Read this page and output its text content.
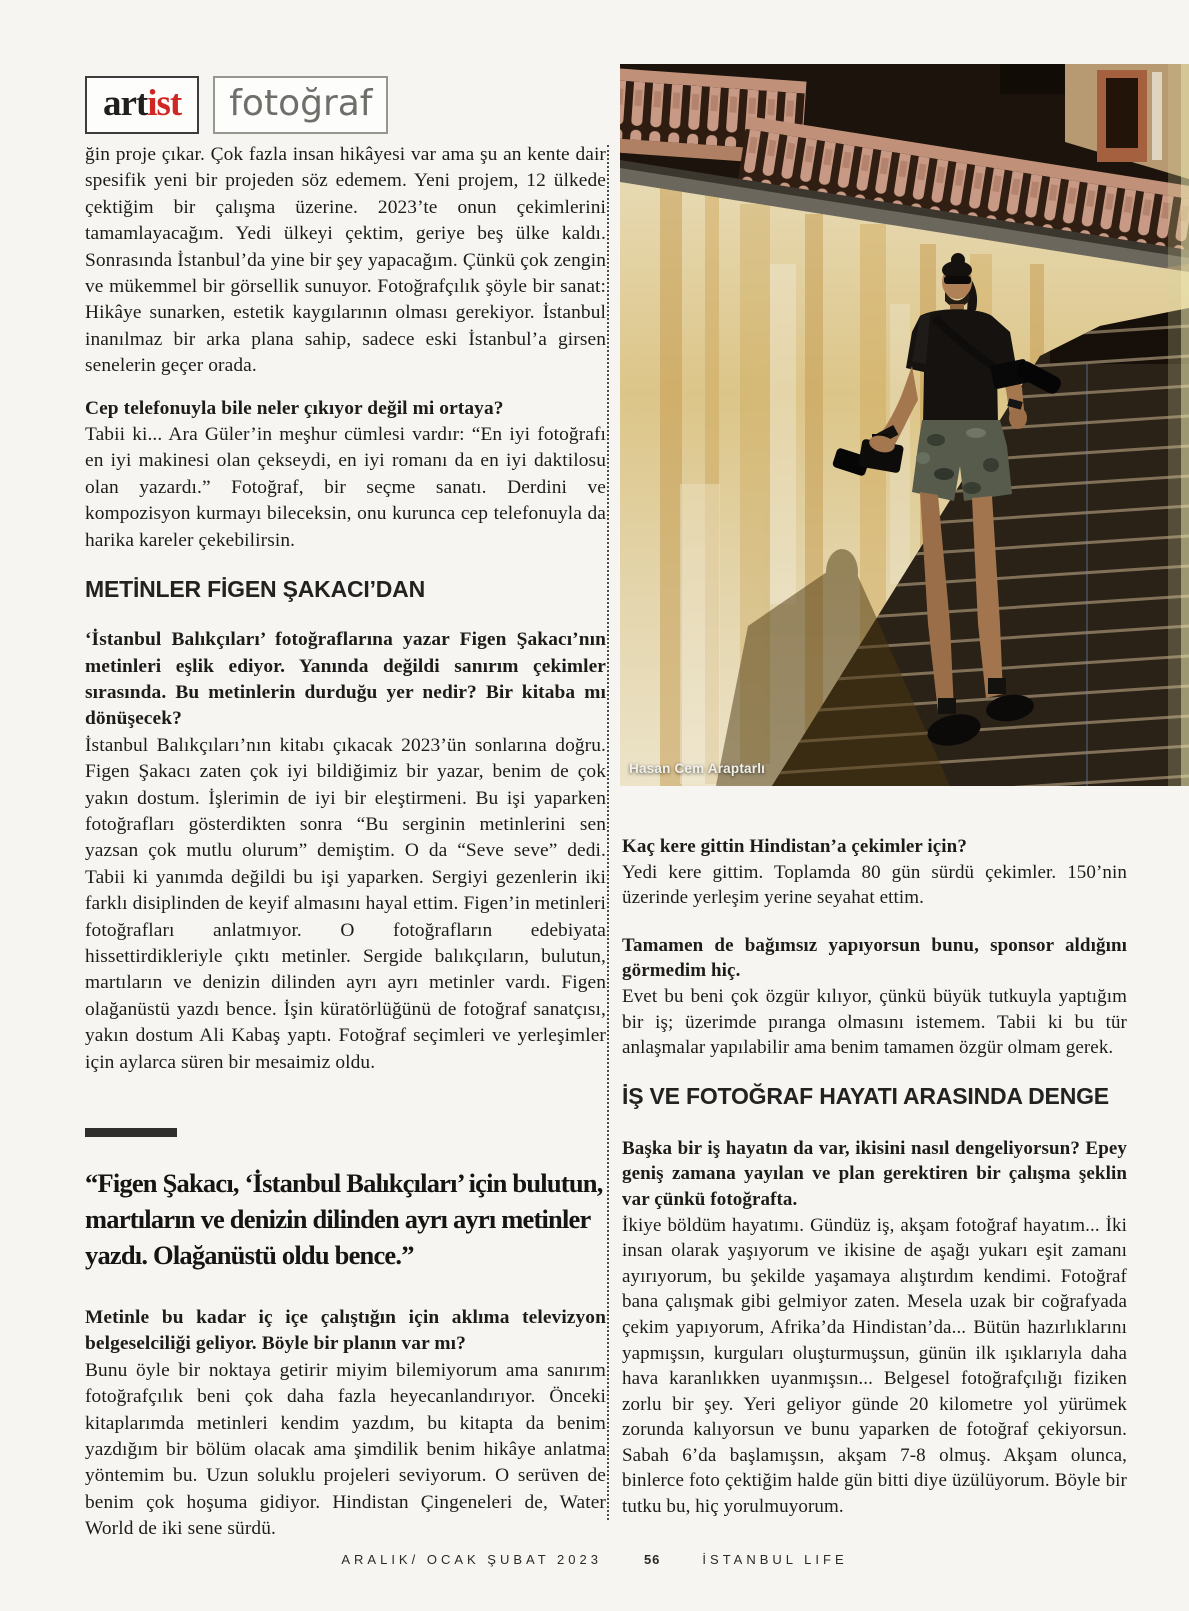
artist fotoğraf

ğin proje çıkar. Çok fazla insan hikâyesi var ama şu an kente dair spesifik yeni bir projeden söz edemem. Yeni projem, 12 ülkede çektiğim bir çalışma üzerine. 2023’te onun çekimlerini tamamlayacağım. Yedi ülkeyi çektim, geriye beş ülke kaldı. Sonrasında İstanbul’da yine bir şey yapacağım. Çünkü çok zengin ve mükemmel bir görsellik sunuyor. Fotoğrafçılık şöyle bir sanat: Hikâye sunarken, estetik kaygılarının olması gerekiyor. İstanbul inanılmaz bir arka plana sahip, sadece eski İstanbul’a girsen senelerin geçer orada.

Cep telefonuyla bile neler çıkıyor değil mi ortaya?

Tabii ki... Ara Güler’in meşhur cümlesi vardır: “En iyi fotoğrafı en iyi makinesi olan çekseydi, en iyi romanı da en iyi daktilosu olan yazardı.” Fotoğraf, bir seçme sanatı. Derdini ve kompozisyon kurmayı bileceksin, onu kurunca cep telefonuyla da harika kareler çekebilirsin.

METİNLER FİGEN ŞAKACI’DAN

‘İstanbul Balıkçıları’ fotoğraflarına yazar Figen Şakacı’nın metinleri eşlik ediyor. Yanında değildi sanırım çekimler sırasında. Bu metinlerin durduğu yer nedir? Bir kitaba mı dönüşecek?

İstanbul Balıkçıları’nın kitabı çıkacak 2023’ün sonlarına doğru. Figen Şakacı zaten çok iyi bildiğimiz bir yazar, benim de çok yakın dostum. İşlerimin de iyi bir eleştirmeni. Bu işi yaparken fotoğrafları gösterdikten sonra “Bu serginin metinlerini sen yazsan çok mutlu olurum” demiştim. O da “Seve seve” dedi. Tabii ki yanımda değildi bu işi yaparken. Sergiyi gezenlerin iki farklı disiplinden de keyif almasını hayal ettim. Figen’in metinleri fotoğrafları anlatmıyor. O fotoğrafların edebiyata hissettirdikleriyle çıktı metinler. Sergide balıkçıların, bulutun, martıların ve denizin dilinden ayrı ayrı metinler vardı. Figen olağanüstü yazdı bence. İşin küratörlüğünü de fotoğraf sanatçısı, yakın dostum Ali Kabaş yaptı. Fotoğraf seçimleri ve yerleşimler için aylarca süren bir mesaimiz oldu.

“Figen Şakacı, ‘İstanbul Balıkçıları’ için bulutun, martıların ve denizin dilinden ayrı ayrı metinler yazdı. Olağanüstü oldu bence.”

Metinle bu kadar iç içe çalıştığın için aklıma televizyon belgeselciliği geliyor. Böyle bir planın var mı?

Bunu öyle bir noktaya getirir miyim bilemiyorum ama sanırım fotoğrafçılık beni çok daha fazla heyecanlandırıyor. Önceki kitaplarımda metinleri kendim yazdım, bu kitapta da benim yazdığım bir bölüm olacak ama şimdilik benim hikâye anlatma yöntemim bu. Uzun soluklu projeleri seviyorum. O serüven de benim çok hoşuma gidiyor. Hindistan Çingeneleri de, Water World de iki sene sürdü.

Hasan Cem Araptarlı

Kaç kere gittin Hindistan’a çekimler için?

Yedi kere gittim. Toplamda 80 gün sürdü çekimler. 150’nin üzerinde yerleşim yerine seyahat ettim.

Tamamen de bağımsız yapıyorsun bunu, sponsor aldığını görmedim hiç.

Evet bu beni çok özgür kılıyor, çünkü büyük tutkuyla yaptığım bir iş; üzerimde pıranga olmasını istemem. Tabii ki bu tür anlaşmalar yapılabilir ama benim tamamen özgür olmam gerek.

İŞ VE FOTOĞRAF HAYATI ARASINDA DENGE

Başka bir iş hayatın da var, ikisini nasıl dengeliyorsun? Epey geniş zamana yayılan ve plan gerektiren bir çalışma şeklin var çünkü fotoğrafta.

İkiye böldüm hayatımı. Gündüz iş, akşam fotoğraf hayatım... İki insan olarak yaşıyorum ve ikisine de aşağı yukarı eşit zamanı ayırıyorum, bu şekilde yaşamaya alıştırdım kendimi. Fotoğraf bana çalışmak gibi gelmiyor zaten. Mesela uzak bir coğrafyada çekim yapıyorum, Afrika’da Hindistan’da... Bütün hazırlıklarını yapmışsın, kurguları oluşturmuşsun, günün ilk ışıklarıyla daha hava karanlıkken uyanmışsın... Belgesel fotoğrafçılığı fiziken zorlu bir şey. Yeri geliyor günde 20 kilometre yol yürümek zorunda kalıyorsun ve bunu yaparken de fotoğraf çekiyorsun. Sabah 6’da başlamışsın, akşam 7-8 olmuş. Akşam olunca, binlerce foto çektiğim halde gün bitti diye üzülüyorum. Böyle bir tutku bu, hiç yorulmuyorum.

ARALIK/ OCAK ŞUBAT 2023	56	İSTANBUL LIFE
